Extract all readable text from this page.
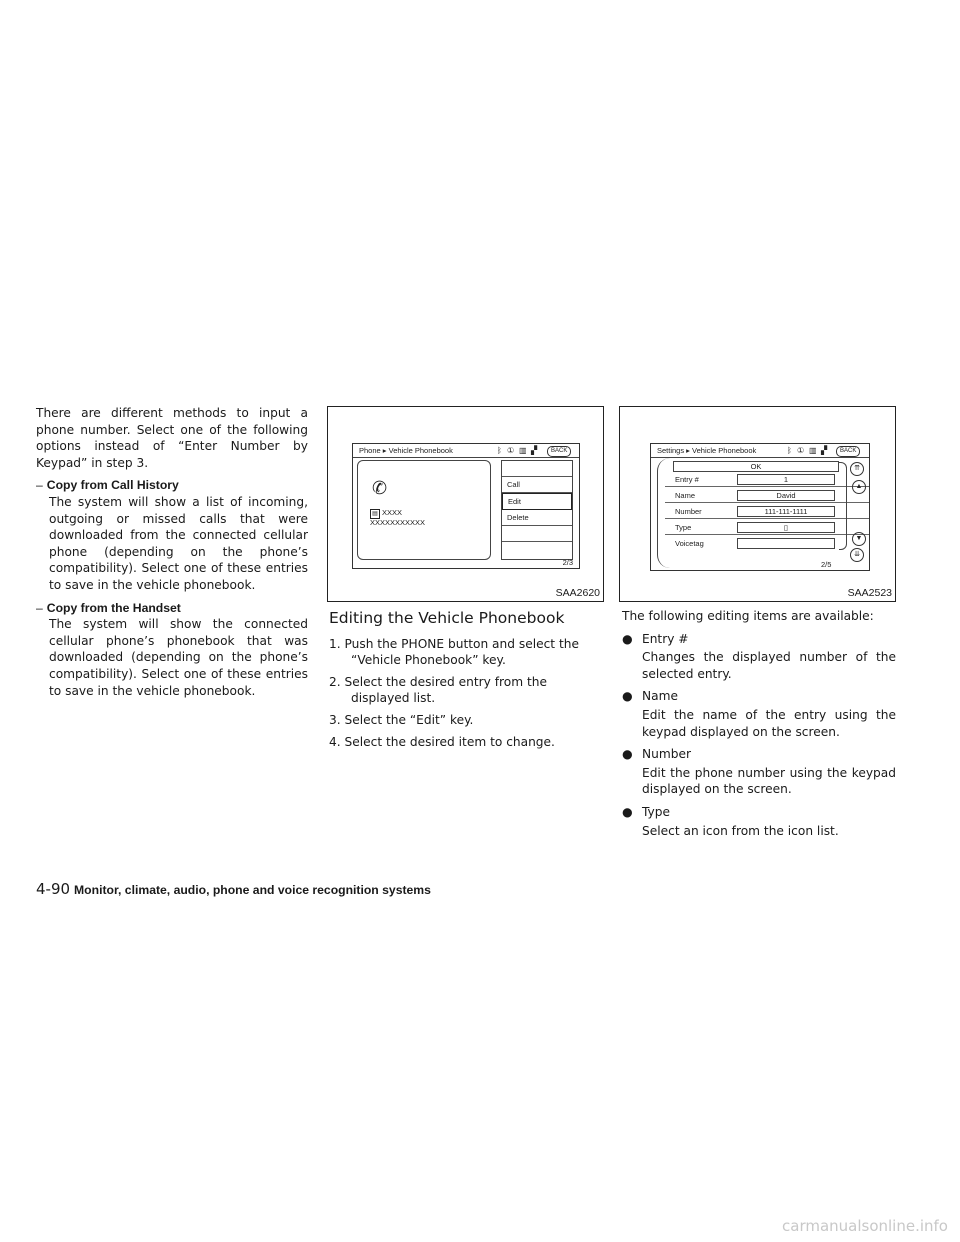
There are different methods to input a phone number. Select one of the following options instead of “Enter Number by Keypad” in step 3.

– Copy from Call History

The system will show a list of incoming, outgoing or missed calls that were downloaded from the connected cellular phone (depending on the phone’s compatibility). Select one of these entries to save in the vehicle phonebook.

– Copy from the Handset

The system will show the connected cellular phone’s phonebook that was downloaded (depending on the phone’s compatibility). Select one of these entries to save in the vehicle phonebook.

Phone ▸ Vehicle Phonebook	ᛒ ① ▥ ▞	BACK
✆
▤ XXXX
XXXXXXXXXXX
Call
Edit
Delete
2/3
SAA2620
Settings ▸ Vehicle Phonebook	ᛒ ① ▥ ▞	BACK
OK
Entry #	1
Name	David
Number	111-111-1111
Type	▯
Voicetag
⇈
▲
▼
⇊
2/5
SAA2523
Editing the Vehicle Phonebook
1. Push the PHONE button and select the “Vehicle Phonebook” key.
2. Select the desired entry from the displayed list.
3. Select the “Edit” key.
4. Select the desired item to change.

The following editing items are available:

● Entry #
Changes the displayed number of the selected entry.
● Name
Edit the name of the entry using the keypad displayed on the screen.
● Number
Edit the phone number using the keypad displayed on the screen.
● Type
Select an icon from the icon list.
4-90 Monitor, climate, audio, phone and voice recognition systems
carmanualsonline.info
